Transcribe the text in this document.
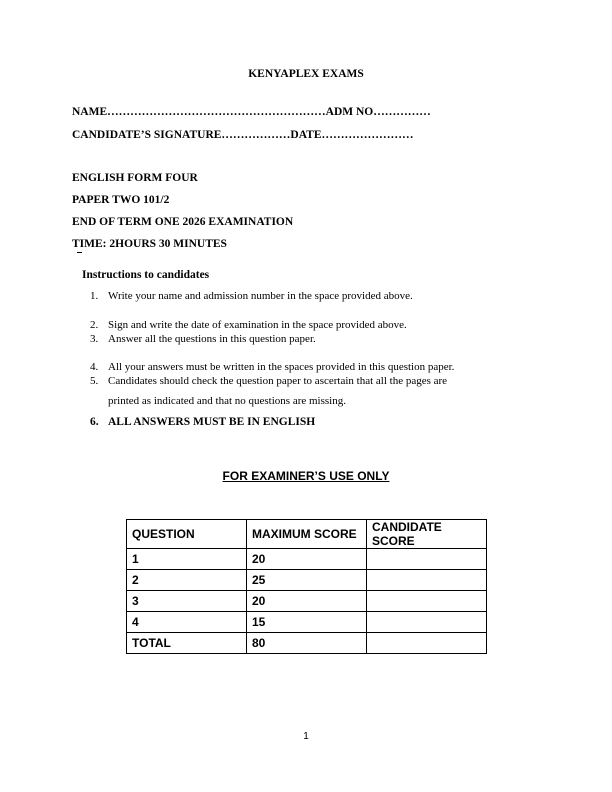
KENYAPLEX EXAMS
NAME…………………………………………………ADM NO……………
CANDIDATE’S SIGNATURE………………DATE……………………
ENGLISH FORM FOUR
PAPER TWO 101/2
END OF TERM ONE 2026 EXAMINATION
TIME: 2HOURS 30 MINUTES
Instructions to candidates
1. Write your name and admission number in the space provided above.
2. Sign and write the date of examination in the space provided above.
3. Answer all the questions in this question paper.
4. All your answers must be written in the spaces provided in this question paper.
5. Candidates should check the question paper to ascertain that all the pages are
printed as indicated and that no questions are missing.
6. ALL ANSWERS MUST BE IN ENGLISH
FOR EXAMINER’S USE ONLY
QUESTION	MAXIMUM SCORE	CANDIDATE SCORE
1	20	
2	25	
3	20	
4	15	
TOTAL	80	
1
